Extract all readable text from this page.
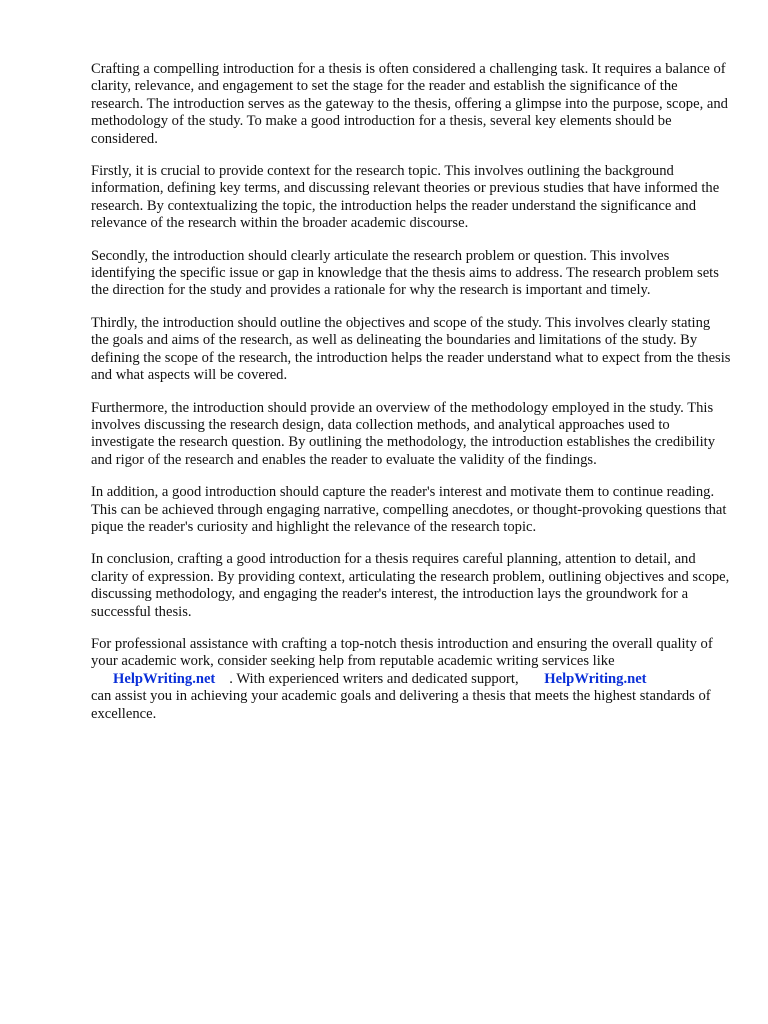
Crafting a compelling introduction for a thesis is often considered a challenging task. It requires a balance of clarity, relevance, and engagement to set the stage for the reader and establish the significance of the research. The introduction serves as the gateway to the thesis, offering a glimpse into the purpose, scope, and methodology of the study. To make a good introduction for a thesis, several key elements should be considered.

Firstly, it is crucial to provide context for the research topic. This involves outlining the background information, defining key terms, and discussing relevant theories or previous studies that have informed the research. By contextualizing the topic, the introduction helps the reader understand the significance and relevance of the research within the broader academic discourse.

Secondly, the introduction should clearly articulate the research problem or question. This involves identifying the specific issue or gap in knowledge that the thesis aims to address. The research problem sets the direction for the study and provides a rationale for why the research is important and timely.

Thirdly, the introduction should outline the objectives and scope of the study. This involves clearly stating the goals and aims of the research, as well as delineating the boundaries and limitations of the study. By defining the scope of the research, the introduction helps the reader understand what to expect from the thesis and what aspects will be covered.

Furthermore, the introduction should provide an overview of the methodology employed in the study. This involves discussing the research design, data collection methods, and analytical approaches used to investigate the research question. By outlining the methodology, the introduction establishes the credibility and rigor of the research and enables the reader to evaluate the validity of the findings.

In addition, a good introduction should capture the reader's interest and motivate them to continue reading. This can be achieved through engaging narrative, compelling anecdotes, or thought-provoking questions that pique the reader's curiosity and highlight the relevance of the research topic.

In conclusion, crafting a good introduction for a thesis requires careful planning, attention to detail, and clarity of expression. By providing context, articulating the research problem, outlining objectives and scope, discussing methodology, and engaging the reader's interest, the introduction lays the groundwork for a successful thesis.

For professional assistance with crafting a top-notch thesis introduction and ensuring the overall quality of your academic work, consider seeking help from reputable academic writing services like
HelpWriting.net . With experienced writers and dedicated support, HelpWriting.net
can assist you in achieving your academic goals and delivering a thesis that meets the highest standards of excellence.
